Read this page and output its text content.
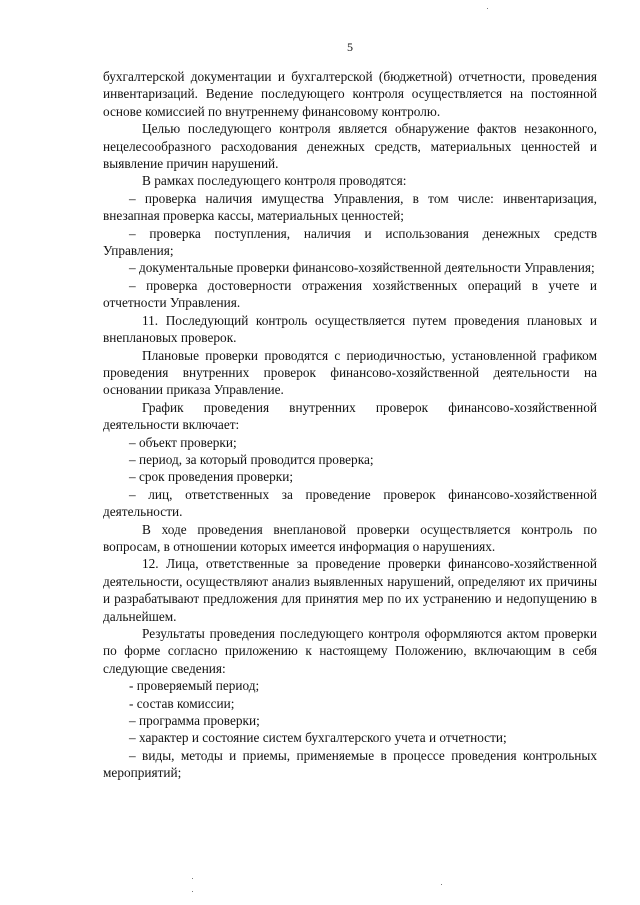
5

бухгалтерской документации и бухгалтерской (бюджетной) отчетности, проведения инвентаризаций. Ведение последующего контроля осуществляется на постоянной основе комиссией по внутреннему финансовому контролю.

Целью последующего контроля является обнаружение фактов незаконного, нецелесообразного расходования денежных средств, материальных ценностей и выявление причин нарушений.

В рамках последующего контроля проводятся:

– проверка наличия имущества Управления, в том числе: инвентаризация, внезапная проверка кассы, материальных ценностей;

– проверка поступления, наличия и использования денежных средств Управления;

– документальные проверки финансово-хозяйственной деятельности Управления;

– проверка достоверности отражения хозяйственных операций в учете и отчетности Управления.

11. Последующий контроль осуществляется путем проведения плановых и внеплановых проверок.

Плановые проверки проводятся с периодичностью, установленной графиком проведения внутренних проверок финансово-хозяйственной деятельности на основании приказа Управление.

График проведения внутренних проверок финансово-хозяйственной деятельности включает:

– объект проверки;

– период, за который проводится проверка;

– срок проведения проверки;

– лиц, ответственных за проведение проверок финансово-хозяйственной деятельности.

В ходе проведения внеплановой проверки осуществляется контроль по вопросам, в отношении которых имеется информация о нарушениях.

12. Лица, ответственные за проведение проверки финансово-хозяйственной деятельности, осуществляют анализ выявленных нарушений, определяют их причины и разрабатывают предложения для принятия мер по их устранению и недопущению в дальнейшем.

Результаты проведения последующего контроля оформляются актом проверки по форме согласно приложению к настоящему Положению, включающим в себя следующие сведения:

- проверяемый период;

- состав комиссии;

– программа проверки;

– характер и состояние систем бухгалтерского учета и отчетности;

– виды, методы и приемы, применяемые в процессе проведения контрольных мероприятий;
